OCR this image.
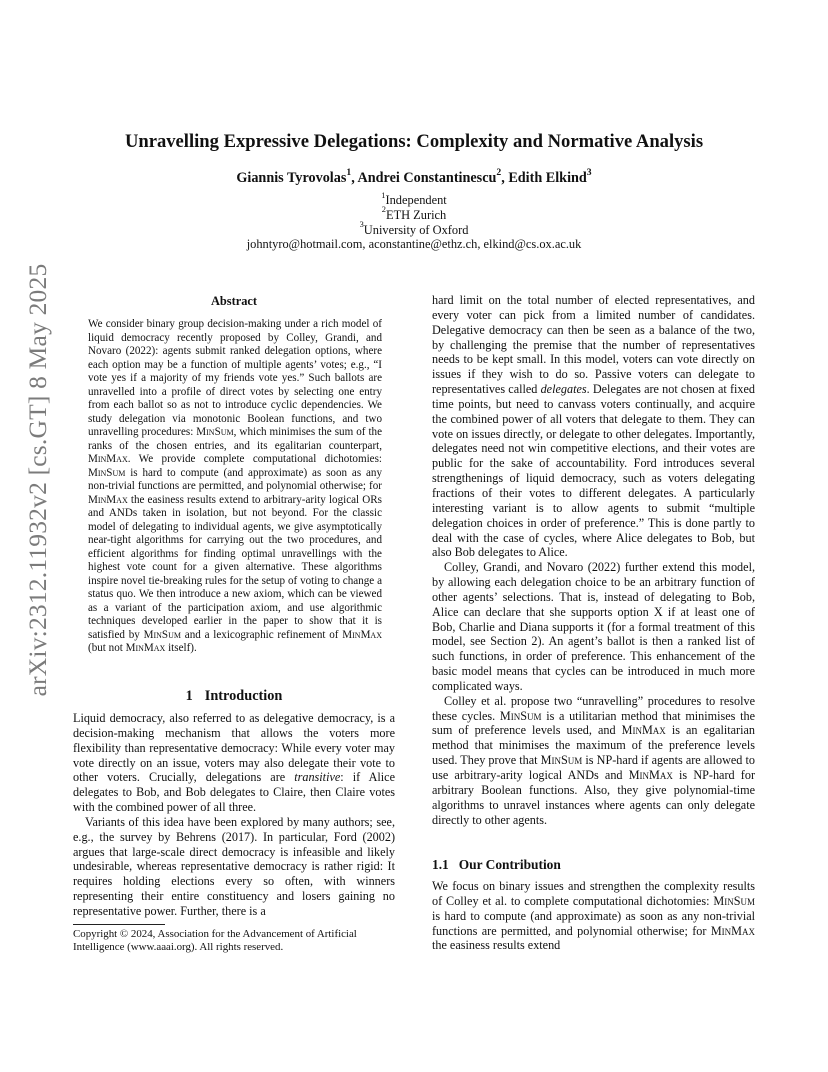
arXiv:2312.11932v2 [cs.GT] 8 May 2025
Unravelling Expressive Delegations: Complexity and Normative Analysis
Giannis Tyrovolas$^1$, Andrei Constantinescu$^2$, Edith Elkind$^3$
$^1$Independent
$^2$ETH Zurich
$^3$University of Oxford
johntyro@hotmail.com, aconstantine@ethz.ch, elkind@cs.ox.ac.uk
Abstract

We consider binary group decision-making under a rich model of liquid democracy recently proposed by Colley, Grandi, and Novaro (2022): agents submit ranked delegation options, where each option may be a function of multiple agents’ votes; e.g., “I vote yes if a majority of my friends vote yes.” Such ballots are unravelled into a profile of direct votes by selecting one entry from each ballot so as not to introduce cyclic dependencies. We study delegation via monotonic Boolean functions, and two unravelling procedures: MinSum, which minimises the sum of the ranks of the chosen entries, and its egalitarian counterpart, MinMax. We provide complete computational dichotomies: MinSum is hard to compute (and approximate) as soon as any non-trivial functions are permitted, and polynomial otherwise; for MinMax the easiness results extend to arbitrary-arity logical ORs and ANDs taken in isolation, but not beyond. For the classic model of delegating to individual agents, we give asymptotically near-tight algorithms for carrying out the two procedures, and efficient algorithms for finding optimal unravellings with the highest vote count for a given alternative. These algorithms inspire novel tie-breaking rules for the setup of voting to change a status quo. We then introduce a new axiom, which can be viewed as a variant of the participation axiom, and use algorithmic techniques developed earlier in the paper to show that it is satisfied by MinSum and a lexicographic refinement of MinMax (but not MinMax itself).

1 Introduction

Liquid democracy, also referred to as delegative democracy, is a decision-making mechanism that allows the voters more flexibility than representative democracy: While every voter may vote directly on an issue, voters may also delegate their vote to other voters. Crucially, delegations are transitive: if Alice delegates to Bob, and Bob delegates to Claire, then Claire votes with the combined power of all three.

Variants of this idea have been explored by many authors; see, e.g., the survey by Behrens (2017). In particular, Ford (2002) argues that large-scale direct democracy is infeasible and likely undesirable, whereas representative democracy is rather rigid: It requires holding elections every so often, with winners representing their entire constituency and losers gaining no representative power. Further, there is a

Copyright © 2024, Association for the Advancement of Artificial Intelligence (www.aaai.org). All rights reserved.

hard limit on the total number of elected representatives, and every voter can pick from a limited number of candidates. Delegative democracy can then be seen as a balance of the two, by challenging the premise that the number of representatives needs to be kept small. In this model, voters can vote directly on issues if they wish to do so. Passive voters can delegate to representatives called delegates. Delegates are not chosen at fixed time points, but need to canvass voters continually, and acquire the combined power of all voters that delegate to them. They can vote on issues directly, or delegate to other delegates. Importantly, delegates need not win competitive elections, and their votes are public for the sake of accountability. Ford introduces several strengthenings of liquid democracy, such as voters delegating fractions of their votes to different delegates. A particularly interesting variant is to allow agents to submit “multiple delegation choices in order of preference.” This is done partly to deal with the case of cycles, where Alice delegates to Bob, but also Bob delegates to Alice.

Colley, Grandi, and Novaro (2022) further extend this model, by allowing each delegation choice to be an arbitrary function of other agents’ selections. That is, instead of delegating to Bob, Alice can declare that she supports option X if at least one of Bob, Charlie and Diana supports it (for a formal treatment of this model, see Section 2). An agent’s ballot is then a ranked list of such functions, in order of preference. This enhancement of the basic model means that cycles can be introduced in much more complicated ways.

Colley et al. propose two “unravelling” procedures to resolve these cycles. MinSum is a utilitarian method that minimises the sum of preference levels used, and MinMax is an egalitarian method that minimises the maximum of the preference levels used. They prove that MinSum is NP-hard if agents are allowed to use arbitrary-arity logical ANDs and MinMax is NP-hard for arbitrary Boolean functions. Also, they give polynomial-time algorithms to unravel instances where agents can only delegate directly to other agents.

1.1 Our Contribution

We focus on binary issues and strengthen the complexity results of Colley et al. to complete computational dichotomies: MinSum is hard to compute (and approximate) as soon as any non-trivial functions are permitted, and polynomial otherwise; for MinMax the easiness results extend
